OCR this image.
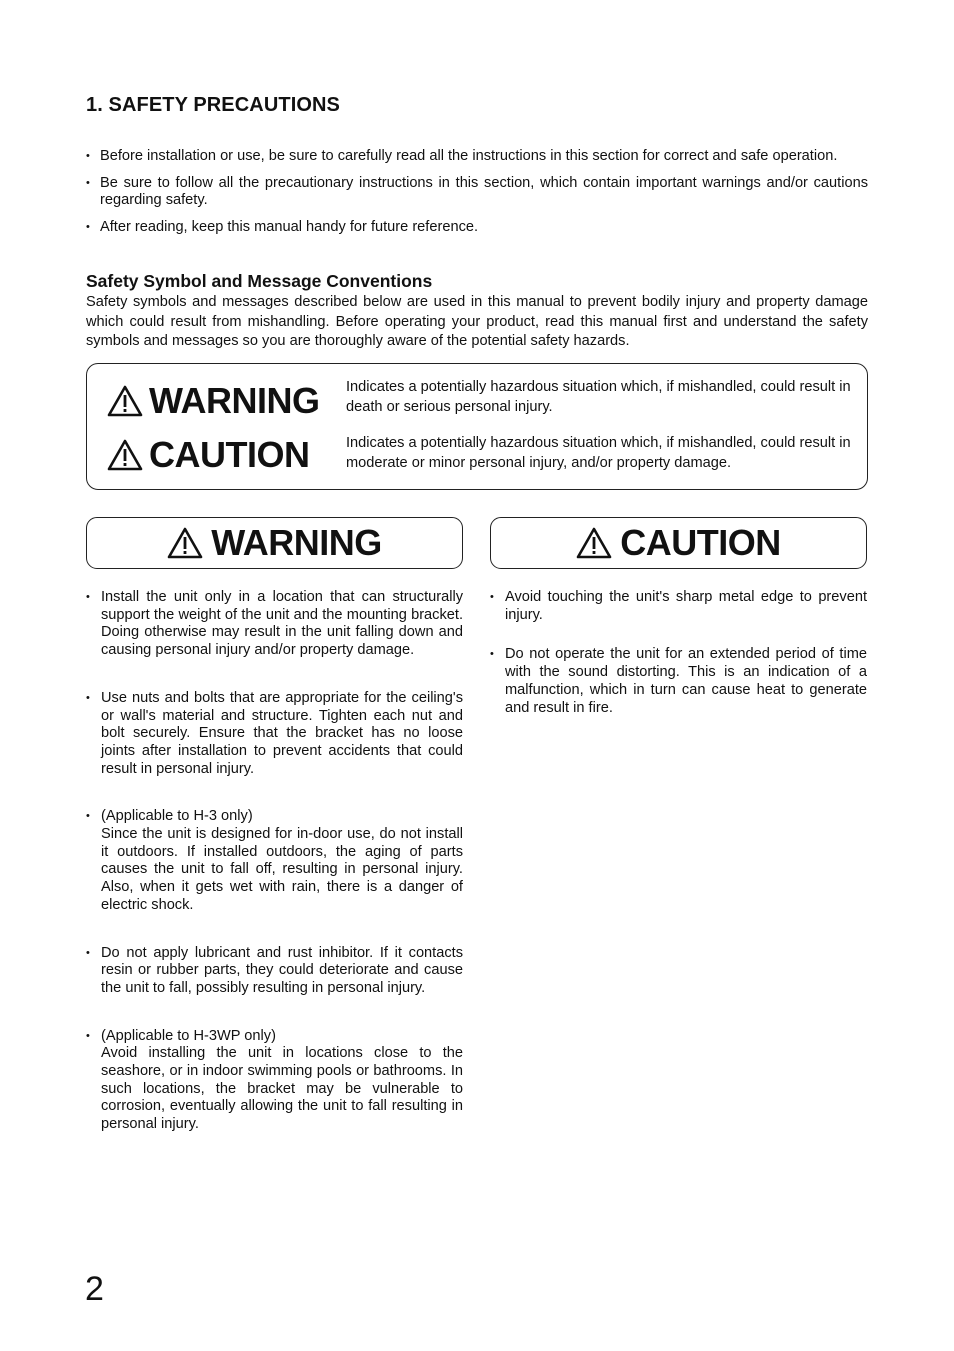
1. SAFETY PRECAUTIONS
• Before installation or use, be sure to carefully read all the instructions in this section for correct and safe operation.
• Be sure to follow all the precautionary instructions in this section, which contain important warnings and/or cautions regarding safety.
• After reading, keep this manual handy for future reference.
Safety Symbol and Message Conventions

Safety symbols and messages described below are used in this manual to prevent bodily injury and property damage which could result from mishandling. Before operating your product, read this manual first and understand the safety symbols and messages so you are thoroughly aware of the potential safety hazards.

WARNING Indicates a potentially hazardous situation which, if mishandled, could result in death or serious personal injury.
CAUTION	Indicates a potentially hazardous situation which, if mishandled, could result in moderate or minor personal injury, and/or property damage.
WARNING	CAUTION
• Install the unit only in a location that can structurally support the weight of the unit and the mounting bracket. Doing otherwise may result in the unit falling down and causing personal injury and/or property damage.
• Use nuts and bolts that are appropriate for the ceiling's or wall's material and structure. Tighten each nut and bolt securely. Ensure that the bracket has no loose joints after installation to prevent accidents that could result in personal injury.
• (Applicable to H-3 only)
Since the unit is designed for in-door use, do not install it outdoors. If installed outdoors, the aging of parts causes the unit to fall off, resulting in personal injury. Also, when it gets wet with rain, there is a danger of electric shock.
• Do not apply lubricant and rust inhibitor. If it contacts resin or rubber parts, they could deteriorate and cause the unit to fall, possibly resulting in personal injury.
• (Applicable to H-3WP only)
Avoid installing the unit in locations close to the seashore, or in indoor swimming pools or bathrooms. In such locations, the bracket may be vulnerable to corrosion, eventually allowing the unit to fall resulting in personal injury.
• Avoid touching the unit's sharp metal edge to prevent injury.
• Do not operate the unit for an extended period of time with the sound distorting. This is an indication of a malfunction, which in turn can cause heat to generate and result in fire.

2
